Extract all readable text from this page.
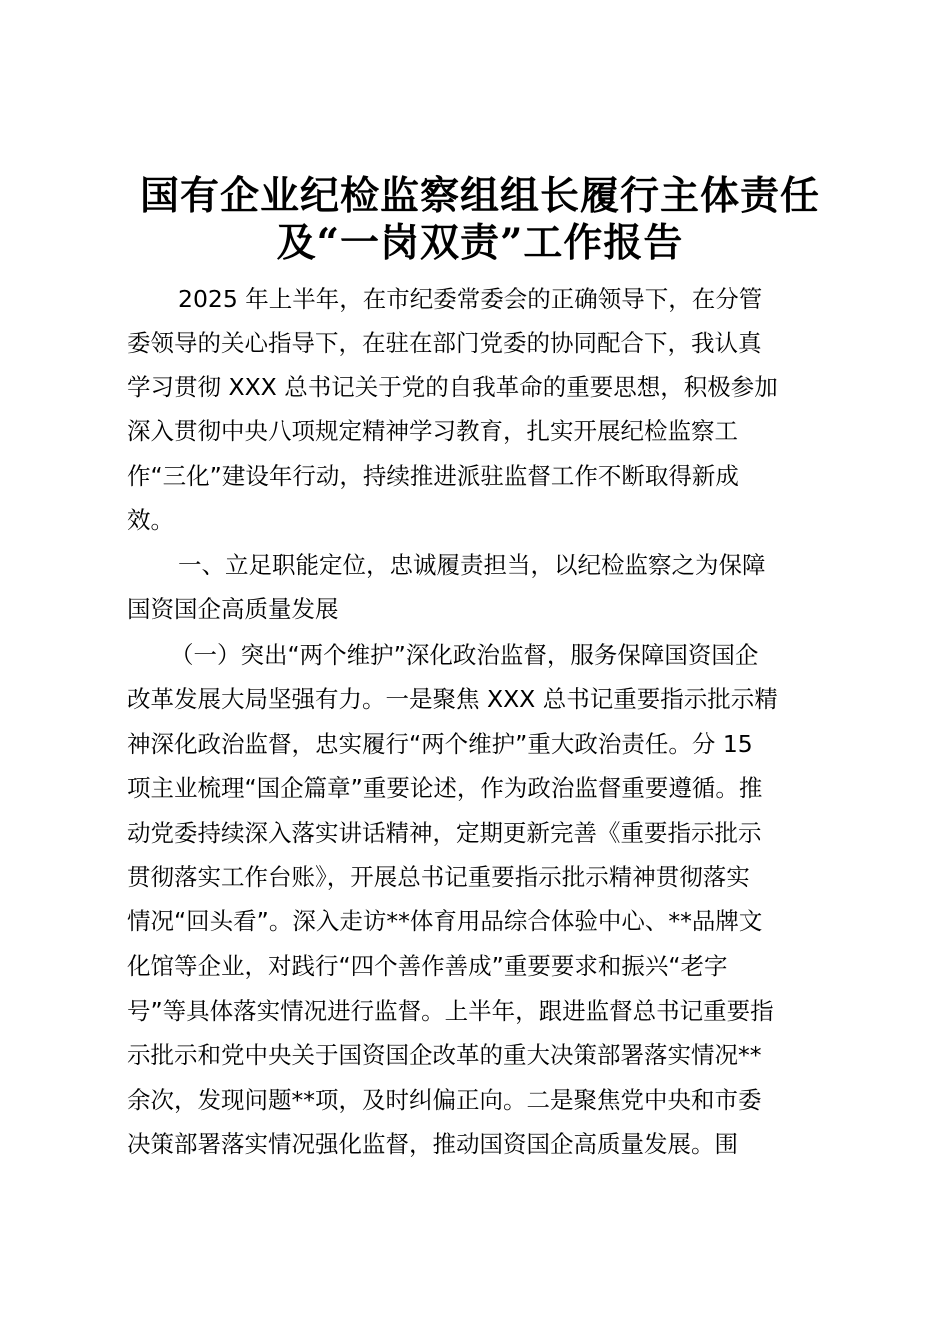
国有企业纪检监察组组长履行主体责任
及“一岗双责”工作报告
2025 年上半年，在市纪委常委会的正确领导下，在分管
委领导的关心指导下，在驻在部门党委的协同配合下，我认真
学习贯彻 XXX 总书记关于党的自我革命的重要思想，积极参加
深入贯彻中央八项规定精神学习教育，扎实开展纪检监察工
作“三化”建设年行动，持续推进派驻监督工作不断取得新成
效。
一、立足职能定位，忠诚履责担当，以纪检监察之为保障
国资国企高质量发展
（一）突出“两个维护”深化政治监督，服务保障国资国企
改革发展大局坚强有力。一是聚焦 XXX 总书记重要指示批示精
神深化政治监督，忠实履行“两个维护”重大政治责任。分 15
项主业梳理“国企篇章”重要论述，作为政治监督重要遵循。推
动党委持续深入落实讲话精神，定期更新完善《重要指示批示
贯彻落实工作台账》，开展总书记重要指示批示精神贯彻落实
情况“回头看”。深入走访**体育用品综合体验中心、**品牌文
化馆等企业，对践行“四个善作善成”重要要求和振兴“老字
号”等具体落实情况进行监督。上半年，跟进监督总书记重要指
示批示和党中央关于国资国企改革的重大决策部署落实情况**
余次，发现问题**项，及时纠偏正向。二是聚焦党中央和市委
决策部署落实情况强化监督，推动国资国企高质量发展。围
